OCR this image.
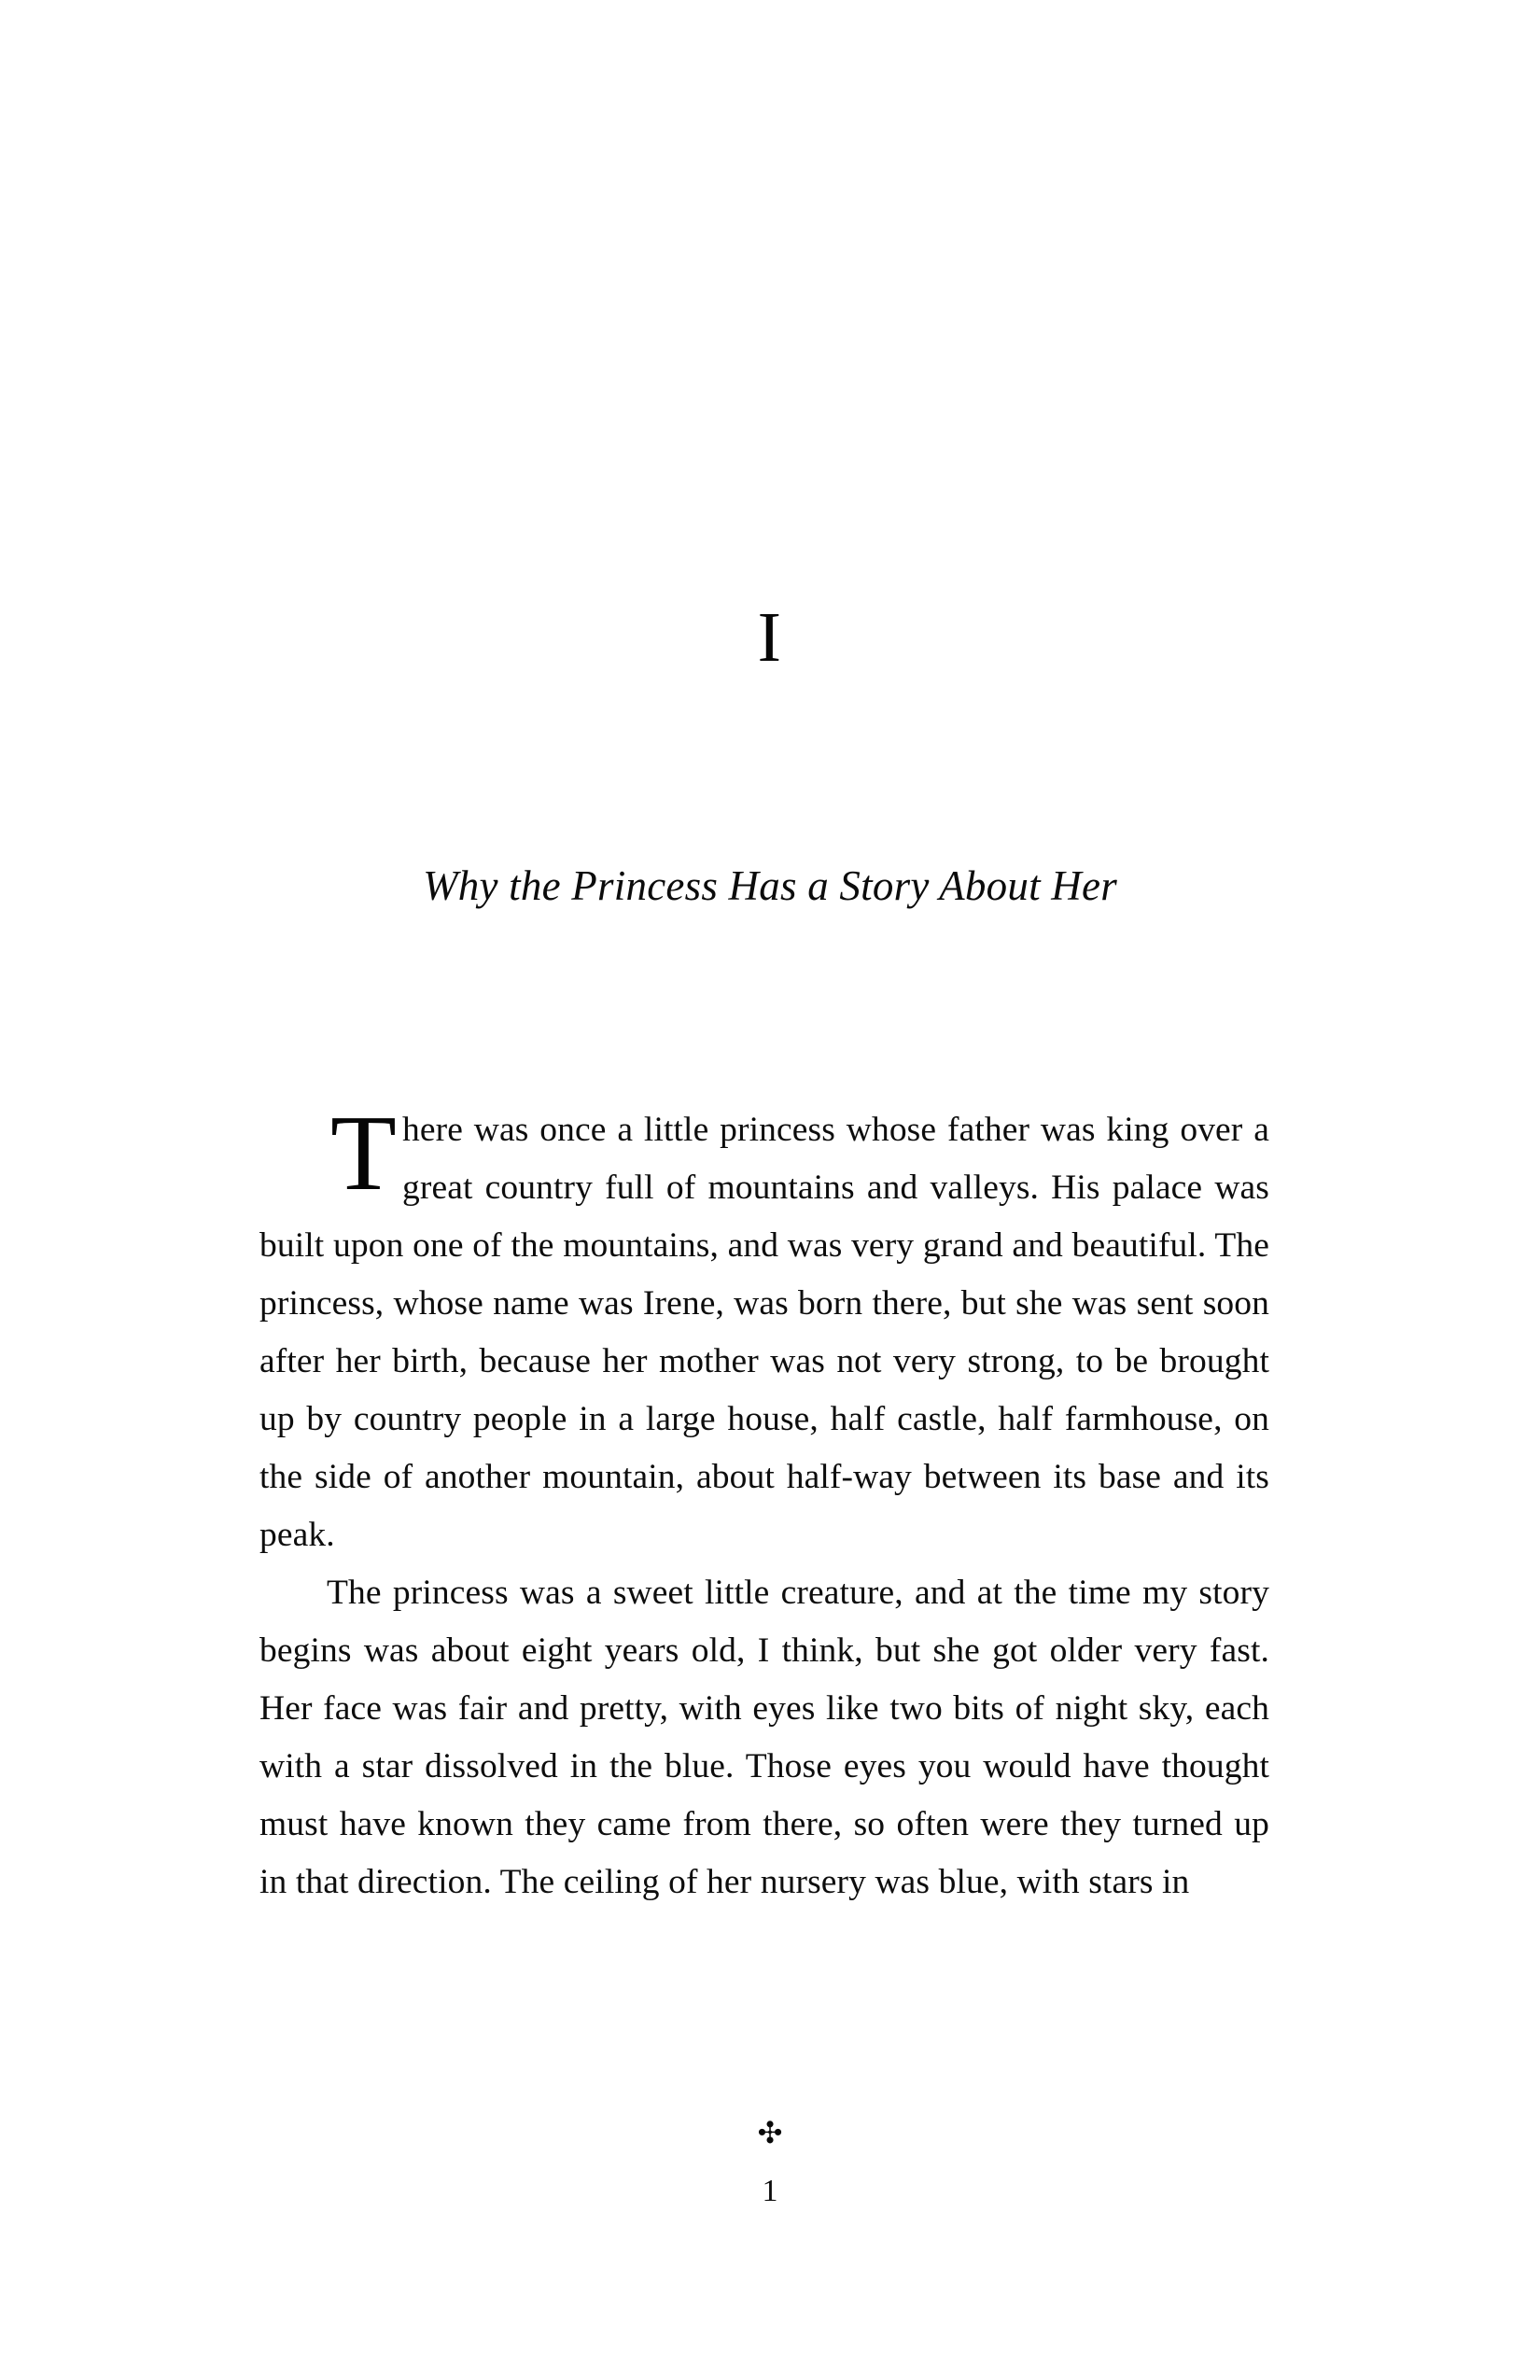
I
Why the Princess Has a Story About Her

There was once a little princess whose father was king over a great country full of mountains and valleys. His palace was built upon one of the mountains, and was very grand and beautiful. The princess, whose name was Irene, was born there, but she was sent soon after her birth, because her mother was not very strong, to be brought up by country people in a large house, half castle, half farmhouse, on the side of another mountain, about half-way between its base and its peak.

The princess was a sweet little creature, and at the time my story begins was about eight years old, I think, but she got older very fast. Her face was fair and pretty, with eyes like two bits of night sky, each with a star dissolved in the blue. Those eyes you would have thought must have known they came from there, so often were they turned up in that direction. The ceiling of her nursery was blue, with stars in

✣
1
